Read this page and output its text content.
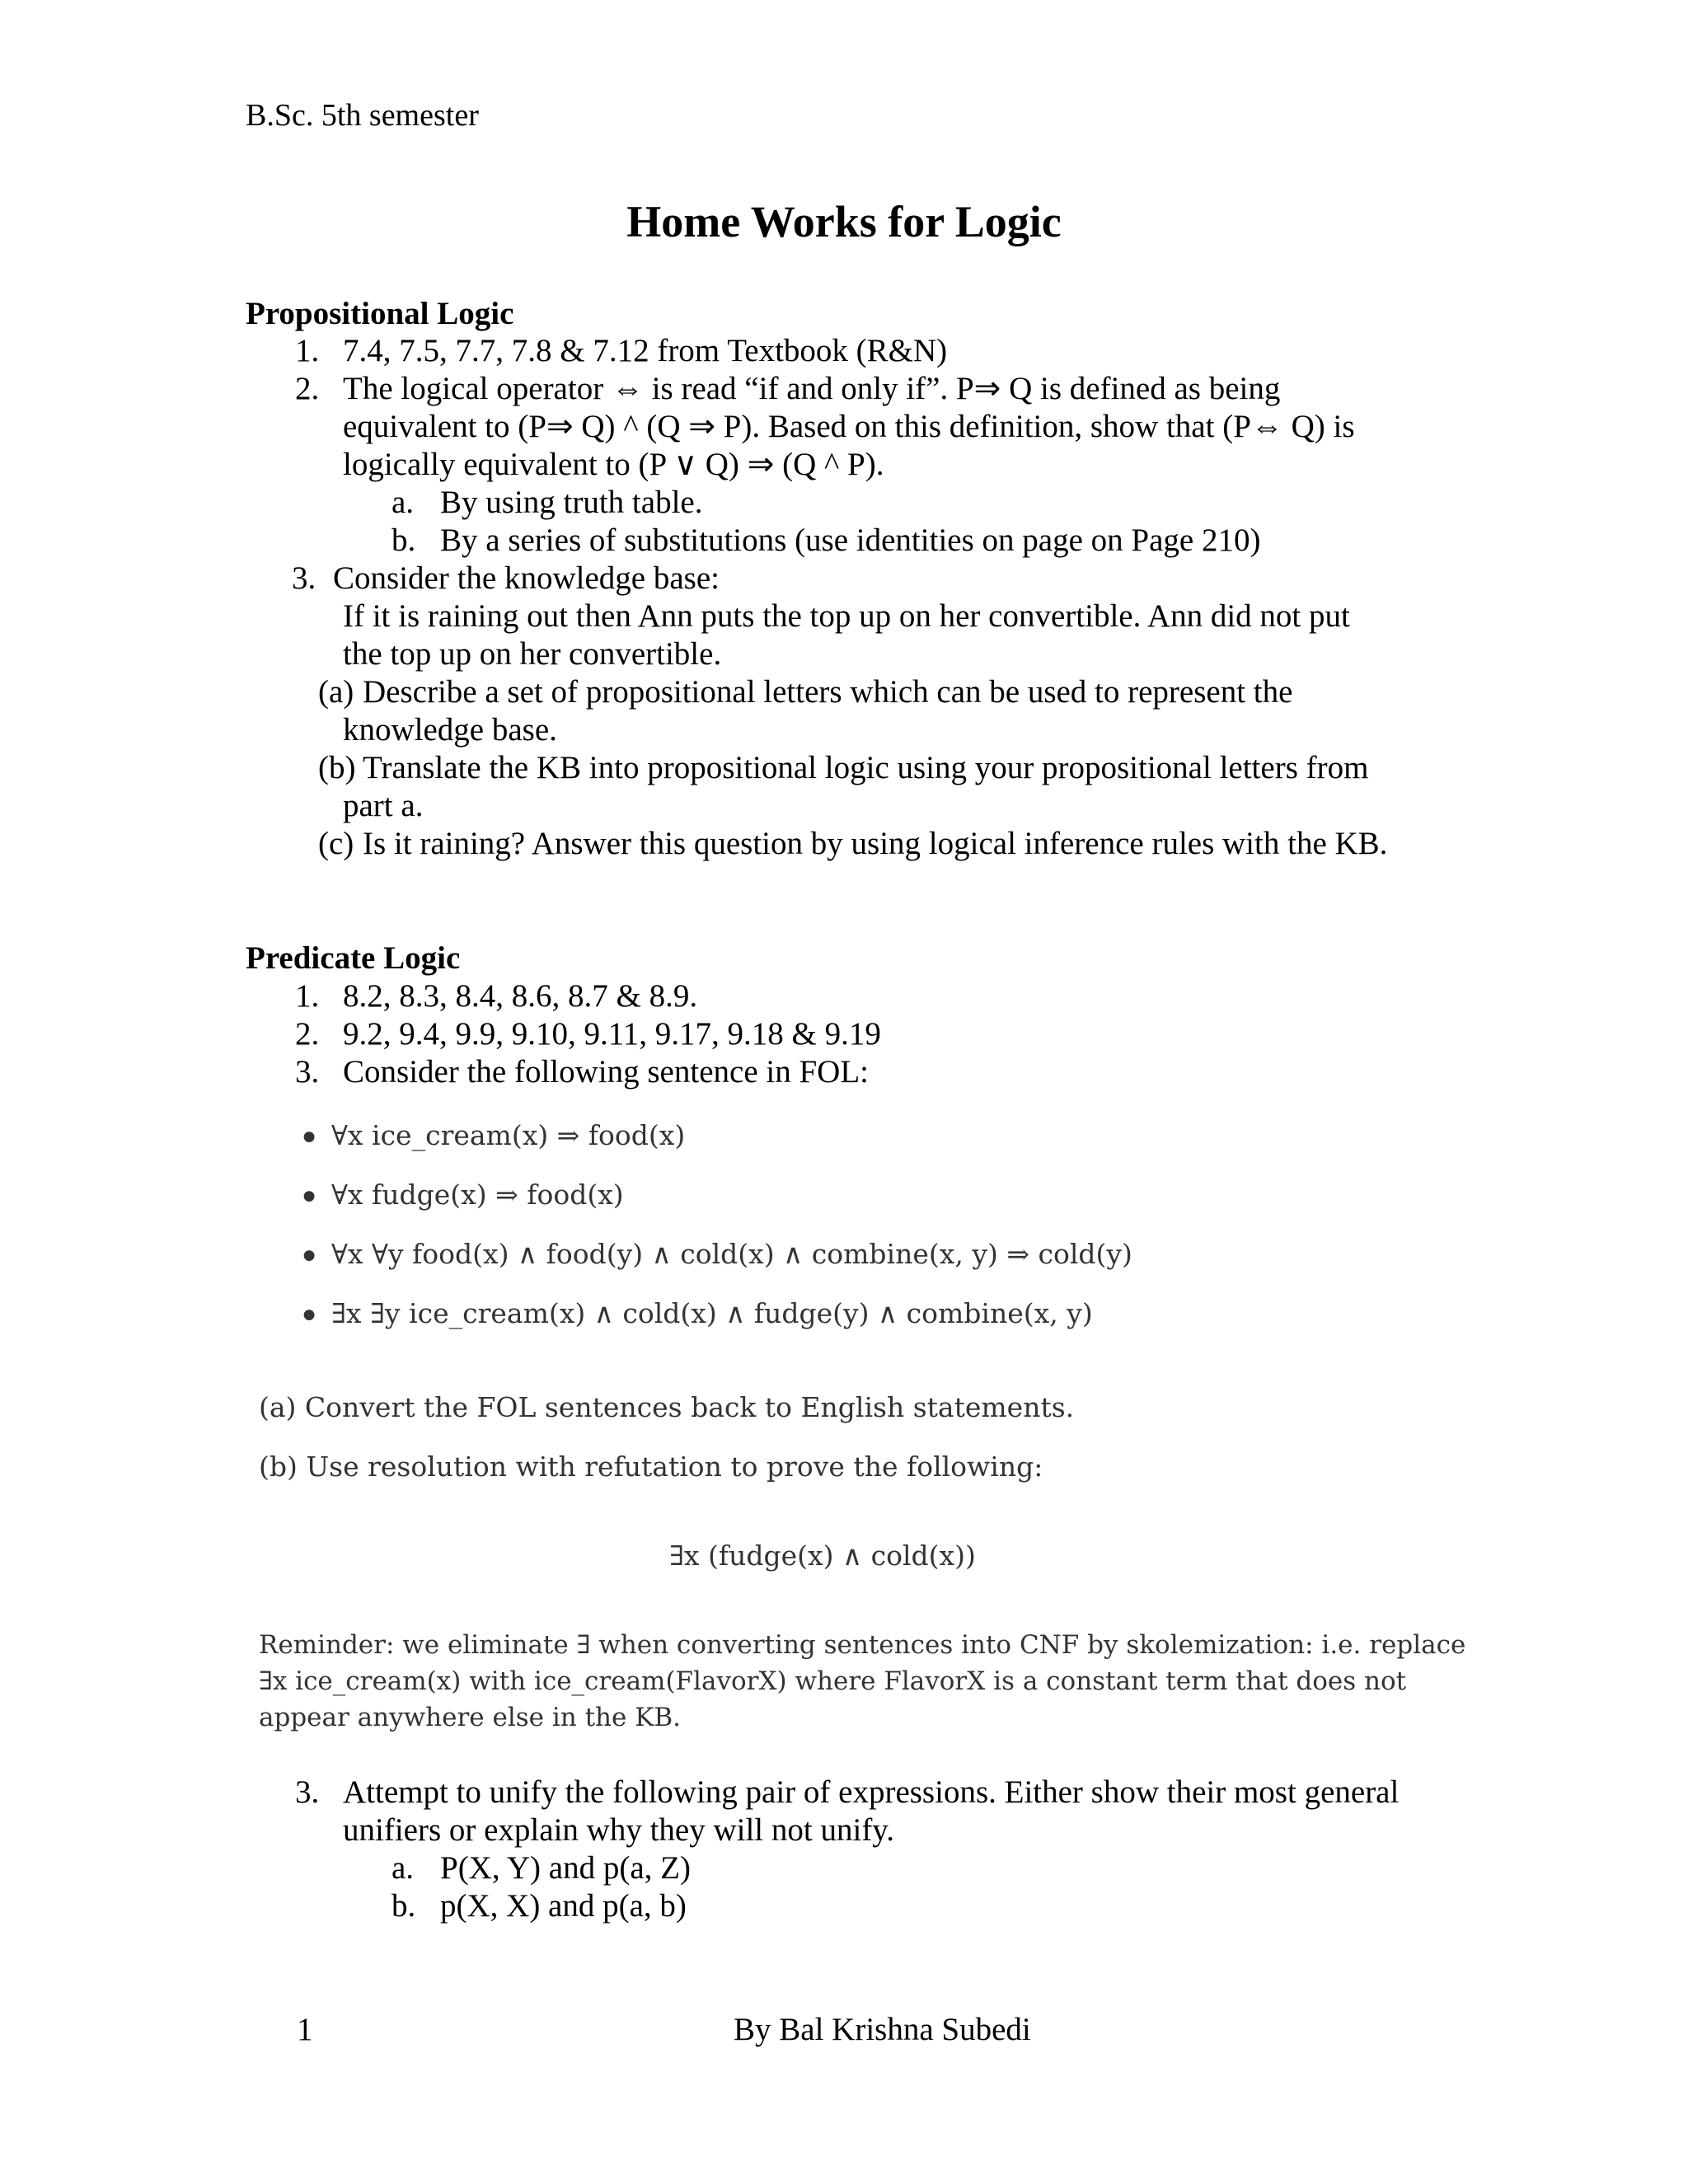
B.Sc. 5th semester
Home Works for Logic
Propositional Logic
1. 7.4, 7.5, 7.7, 7.8 & 7.12 from Textbook (R&N)
2. The logical operator ⇔ is read “if and only if”. P⇒ Q is defined as being
equivalent to (P⇒ Q) ^ (Q ⇒ P). Based on this definition, show that (P⇔ Q) is
logically equivalent to (P ∨ Q) ⇒ (Q ^ P).
a. By using truth table.
b. By a series of substitutions (use identities on page on Page 210)
3. Consider the knowledge base:
If it is raining out then Ann puts the top up on her convertible. Ann did not put
the top up on her convertible.
(a) Describe a set of propositional letters which can be used to represent the
knowledge base.
(b) Translate the KB into propositional logic using your propositional letters from
part a.
(c) Is it raining? Answer this question by using logical inference rules with the KB.
Predicate Logic
1. 8.2, 8.3, 8.4, 8.6, 8.7 & 8.9.
2. 9.2, 9.4, 9.9, 9.10, 9.11, 9.17, 9.18 & 9.19
3. Consider the following sentence in FOL:
● ∀x ice_cream(x) ⇒ food(x)
● ∀x fudge(x) ⇒ food(x)
● ∀x ∀y food(x) ∧ food(y) ∧ cold(x) ∧ combine(x, y) ⇒ cold(y)
● ∃x ∃y ice_cream(x) ∧ cold(x) ∧ fudge(y) ∧ combine(x, y)
(a) Convert the FOL sentences back to English statements.
(b) Use resolution with refutation to prove the following:
∃x (fudge(x) ∧ cold(x))
Reminder: we eliminate ∃ when converting sentences into CNF by skolemization: i.e. replace
∃x ice_cream(x) with ice_cream(FlavorX) where FlavorX is a constant term that does not
appear anywhere else in the KB.
3. Attempt to unify the following pair of expressions. Either show their most general
unifiers or explain why they will not unify.
a. P(X, Y) and p(a, Z)
b. p(X, X) and p(a, b)
1	By Bal Krishna Subedi
